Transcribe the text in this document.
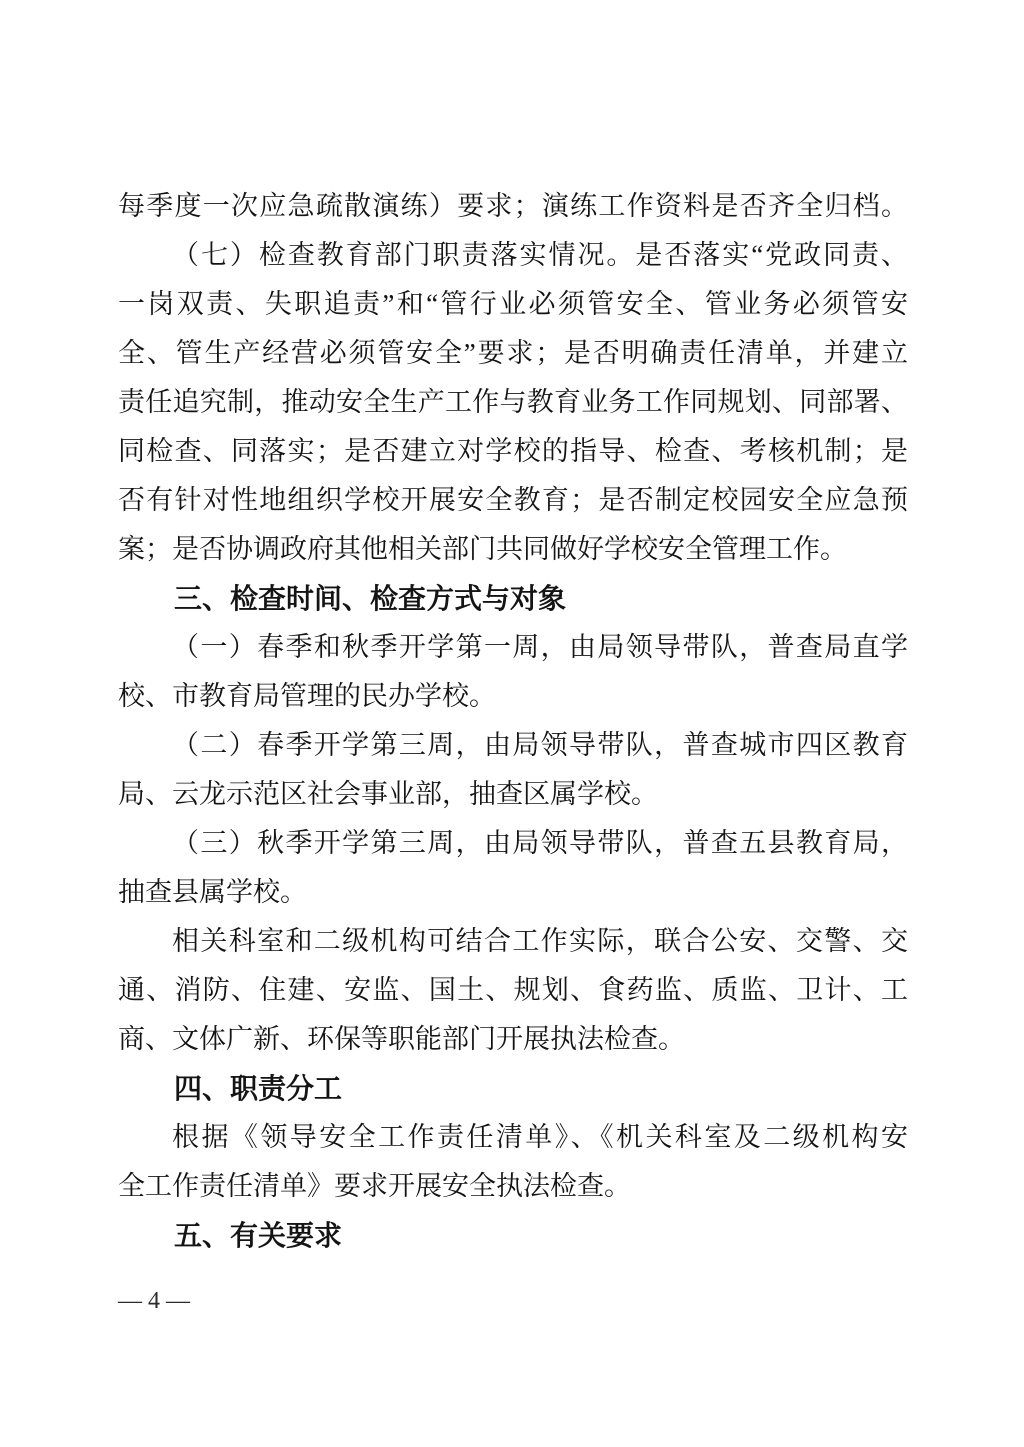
每季度一次应急疏散演练）要求；演练工作资料是否齐全归档。
（七）检查教育部门职责落实情况。是否落实“党政同责、
一岗双责、失职追责”和“管行业必须管安全、管业务必须管安
全、管生产经营必须管安全”要求；是否明确责任清单，并建立
责任追究制，推动安全生产工作与教育业务工作同规划、同部署、
同检查、同落实；是否建立对学校的指导、检查、考核机制；是
否有针对性地组织学校开展安全教育；是否制定校园安全应急预
案；是否协调政府其他相关部门共同做好学校安全管理工作。
三、检查时间、检查方式与对象
（一）春季和秋季开学第一周，由局领导带队，普查局直学
校、市教育局管理的民办学校。
（二）春季开学第三周，由局领导带队，普查城市四区教育
局、云龙示范区社会事业部，抽查区属学校。
（三）秋季开学第三周，由局领导带队，普查五县教育局，
抽查县属学校。
相关科室和二级机构可结合工作实际，联合公安、交警、交
通、消防、住建、安监、国土、规划、食药监、质监、卫计、工
商、文体广新、环保等职能部门开展执法检查。
四、职责分工
根据《领导安全工作责任清单》、《机关科室及二级机构安
全工作责任清单》要求开展安全执法检查。
五、有关要求
— 4 —
